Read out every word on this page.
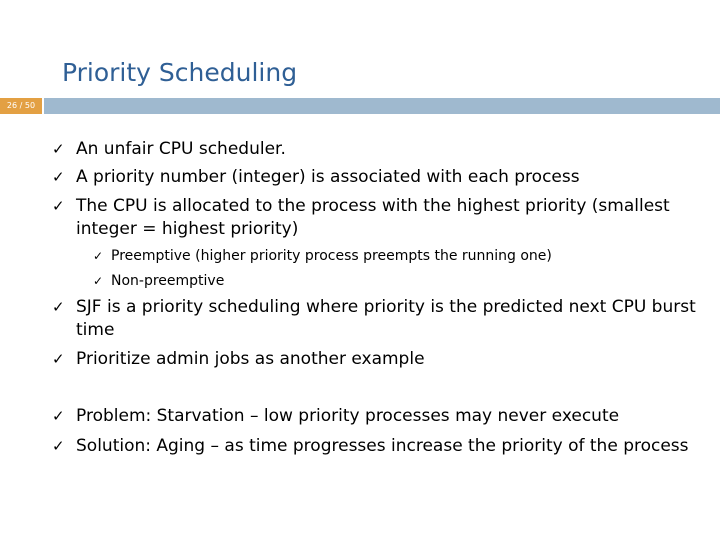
Priority Scheduling
26 / 50
✓ An unfair CPU scheduler.
✓ A priority number (integer) is associated with each process
✓ The CPU is allocated to the process with the highest priority (smallest integer = highest priority)
✓ Preemptive (higher priority process preempts the running one)
✓ Non-preemptive
✓ SJF is a priority scheduling where priority is the predicted next CPU burst time
✓ Prioritize admin jobs as another example
✓ Problem: Starvation – low priority processes may never execute
✓ Solution: Aging – as time progresses increase the priority of the process
